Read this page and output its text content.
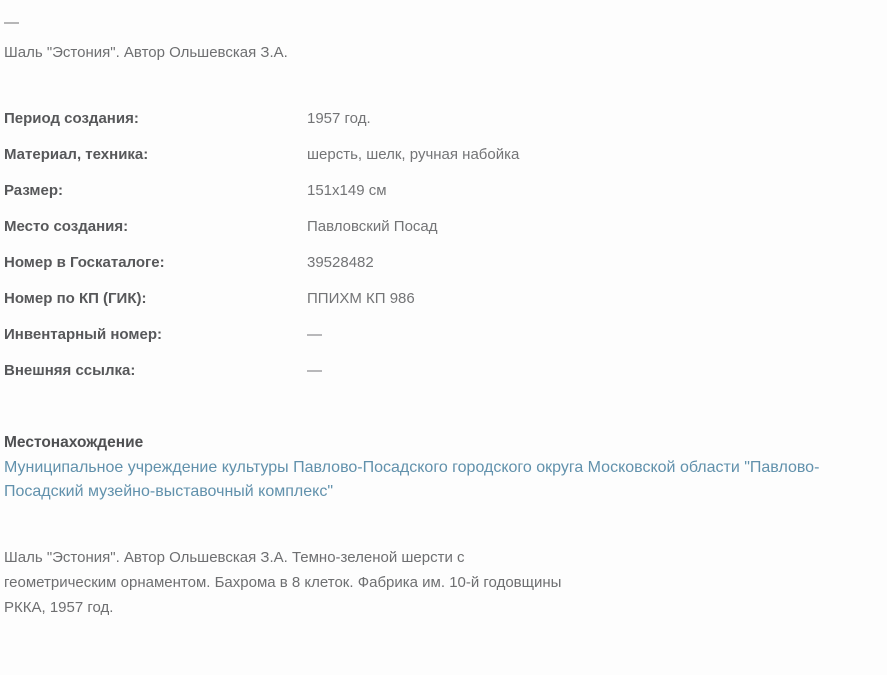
—
Шаль "Эстония". Автор Ольшевская З.А.
Период создания:	1957 год.
Материал, техника:	шерсть, шелк, ручная набойка
Размер:	151x149 см
Место создания:	Павловский Посад
Номер в Госкаталоге:	39528482
Номер по КП (ГИК):	ППИХМ КП 986
Инвентарный номер:	—
Внешняя ссылка:	—
Местонахождение
Муниципальное учреждение культуры Павлово-Посадского городского округа Московской области "Павлово-Посадский музейно-выставочный комплекс"
Шаль "Эстония". Автор Ольшевская З.А. Темно-зеленой шерсти с геометрическим орнаментом. Бахрома в 8 клеток. Фабрика им. 10-й годовщины РККА, 1957 год.
